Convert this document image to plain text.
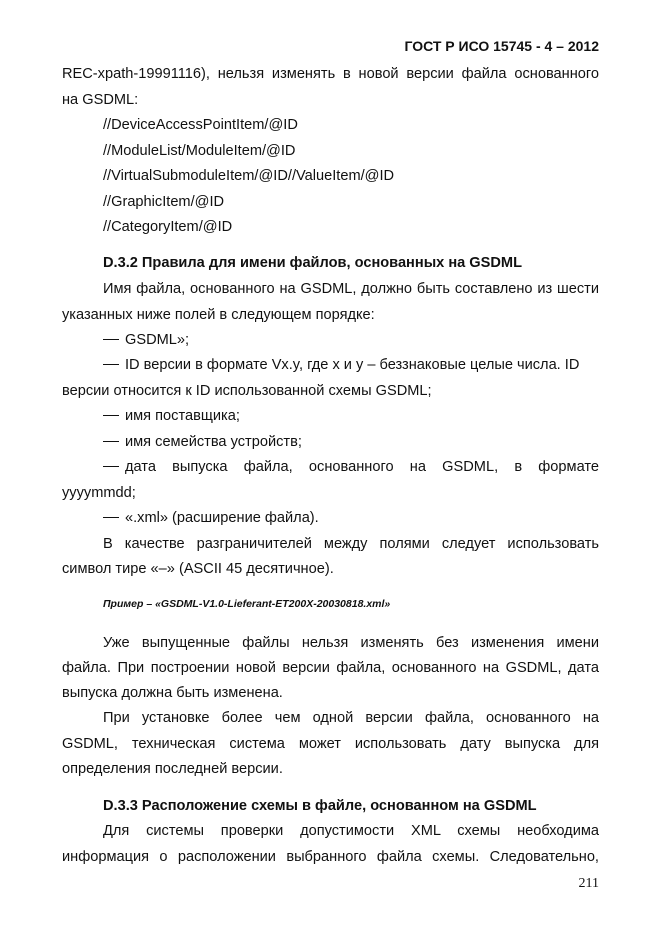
ГОСТ Р ИСО 15745 - 4 – 2012
REC-xpath-19991116), нельзя изменять в новой версии файла основанного
на GSDML:
//DeviceAccessPointItem/@ID
//ModuleList/ModuleItem/@ID
//VirtualSubmoduleItem/@ID//ValueItem/@ID
//GraphicItem/@ID
//CategoryItem/@ID
D.3.2 Правила для имени файлов, основанных на GSDML
Имя файла, основанного на GSDML, должно быть составлено из шести
указанных ниже полей в следующем порядке:
GSDML»;
ID версии в формате Vx.y, где x и y – беззнаковые целые числа. ID
версии относится к ID использованной схемы GSDML;
имя поставщика;
имя семейства устройств;
дата выпуска файла, основанного на GSDML, в формате
yyyymmdd;
«.xml» (расширение файла).
В качестве разграничителей между полями следует использовать
символ тире «–» (ASCII 45 десятичное).
Пример – «GSDML-V1.0-Lieferant-ET200X-20030818.xml»
Уже выпущенные файлы нельзя изменять без изменения имени
файла. При построении новой версии файла, основанного на GSDML, дата
выпуска должна быть изменена.
При установке более чем одной версии файла, основанного на
GSDML, техническая система может использовать дату выпуска для
определения последней версии.
D.3.3 Расположение схемы в файле, основанном на GSDML
Для системы проверки допустимости XML схемы необходима
информация о расположении выбранного файла схемы. Следовательно,
211
